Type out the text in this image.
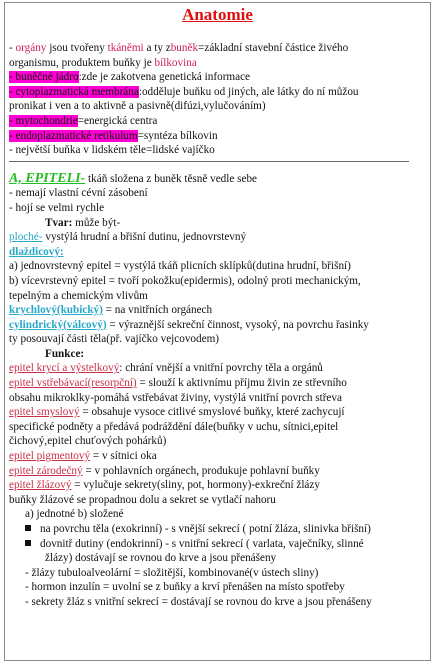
Anatomie

- orgány jsou tvořeny tkáněmi a ty zbuněk=základní stavební částice živého

organismu, produktem buňky je bílkovina

- buněčné jádro:zde je zakotvena genetická informace

- cytoplazmatická membrána:odděluje buňku od jiných, ale látky do ní můžou

pronikat i ven a to aktivně a pasivně(difúzi,vylučováním)

- mytochondrie=energická centra

- endoplazmatické retikulum=syntéza bílkovin

- největší buňka v lidském těle=lidské vajíčko

A, EPITELI- tkáň složena z buněk těsně vedle sebe

- nemají vlastní cévní zásobení

- hojí se velmi rychle

Tvar: může být-

ploché- vystýlá hrudní a břišní dutinu, jednovrstevný

dlaždicový:

a) jednovrstevný epitel = vystýlá tkáň plicních sklípků(dutina hrudní, břišní)

b) vícevrstevný epitel = tvoří pokožku(epidermis), odolný proti mechanickým,

tepelným a chemickým vlivům

krychlový(kubický) = na vnitřních orgánech

cylindrický(válcový) = výraznější sekreční činnost, vysoký, na povrchu řasinky

ty posouvají části těla(př. vajíčko vejcovodem)

Funkce:

epitel krycí a výstelkový: chrání vnější a vnitřní povrchy těla a orgánů

epitel vstřebávací(resorpční) = slouží k aktivnímu příjmu živin ze střevního

obsahu mikroklky-pomáhá vstřebávat živiny, vystýlá vnitřní povrch střeva

epitel smyslový = obsahuje vysoce citlivé smyslové buňky, které zachycují

specifické podněty a předává podráždění dále(buňky v uchu, sítnici,epitel

čichový,epitel chuťových pohárků)

epitel pigmentový = v sítnici oka

epitel zárodečný = v pohlavních orgánech, produkuje pohlavní buňky

epitel žlázový = vylučuje sekrety(sliny, pot, hormony)-exkreční žlázy

buňky žlázové se propadnou dolu a sekret se vytlačí nahoru

a) jednotné b) složené

na povrchu těla (exokrinní) - s vnější sekrecí ( potní žláza, slinivka břišní)

dovnitř dutiny (endokrinní) - s vnitřní sekrecí ( varlata, vaječníky, slinné

žlázy) dostávají se rovnou do krve a jsou přenášeny

- žlázy tubuloalveolární = složitější, kombinované(v ústech sliny)

- hormon inzulín = uvolní se z buňky a krví přenášen na místo spotřeby

- sekrety žláz s vnitřní sekrecí = dostávají se rovnou do krve a jsou přenášeny
